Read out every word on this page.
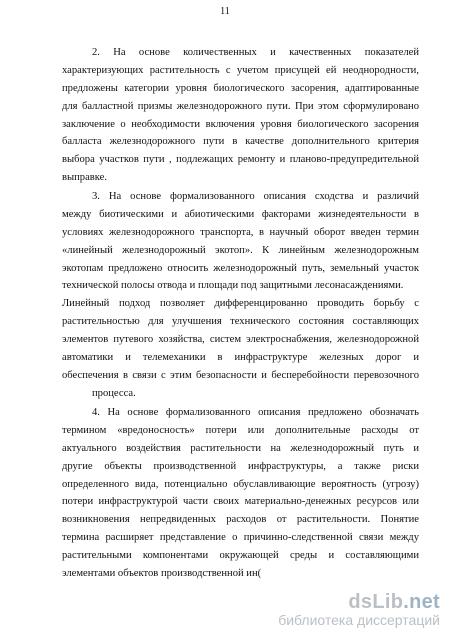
11
2. На основе количественных и качественных показателей
характеризующих растительность с учетом присущей ей неоднородности,
предложены категории уровня биологического засорения, адаптированные
для балластной призмы железнодорожного пути. При этом сформулировано
заключение о необходимости включения уровня биологического засорения
балласта железнодорожного пути в качестве дополнительного критерия
выбора участков пути , подлежащих ремонту и планово-предупредительной
выправке.
3. На основе формализованного описания сходства и различий
между биотическими и абиотическими факторами жизнедеятельности в
условиях железнодорожного транспорта, в научный оборот введен термин
«линейный железнодорожный экотоп». К линейным железнодорожным
экотопам предложено относить железнодорожный путь, земельный участок
технической полосы отвода и площади под защитными лесонасаждениями.
Линейный подход позволяет дифференцированно проводить борьбу с
растительностью для улучшения технического состояния составляющих
элементов путевого хозяйства, систем электроснабжения, железнодорожной
автоматики и телемеханики в инфраструктуре железных дорог и
обеспечения в связи с этим безопасности и бесперебойности перевозочного
процесса.
4. На основе формализованного описания предложено обозначать
термином «вредоносность» потери или дополнительные расходы от
актуального воздействия растительности на железнодорожный путь и
другие объекты производственной инфраструктуры, а также риски
определенного вида, потенциально обуславливающие вероятность (угрозу)
потери инфраструктурой части своих материально-денежных ресурсов или
возникновения непредвиденных расходов от растительности. Понятие
термина расширяет представление о причинно-следственной связи между
растительными компонентами окружающей среды и составляющими
элементами объектов производственной ин(
dsLib.net
библиотека диссертаций
